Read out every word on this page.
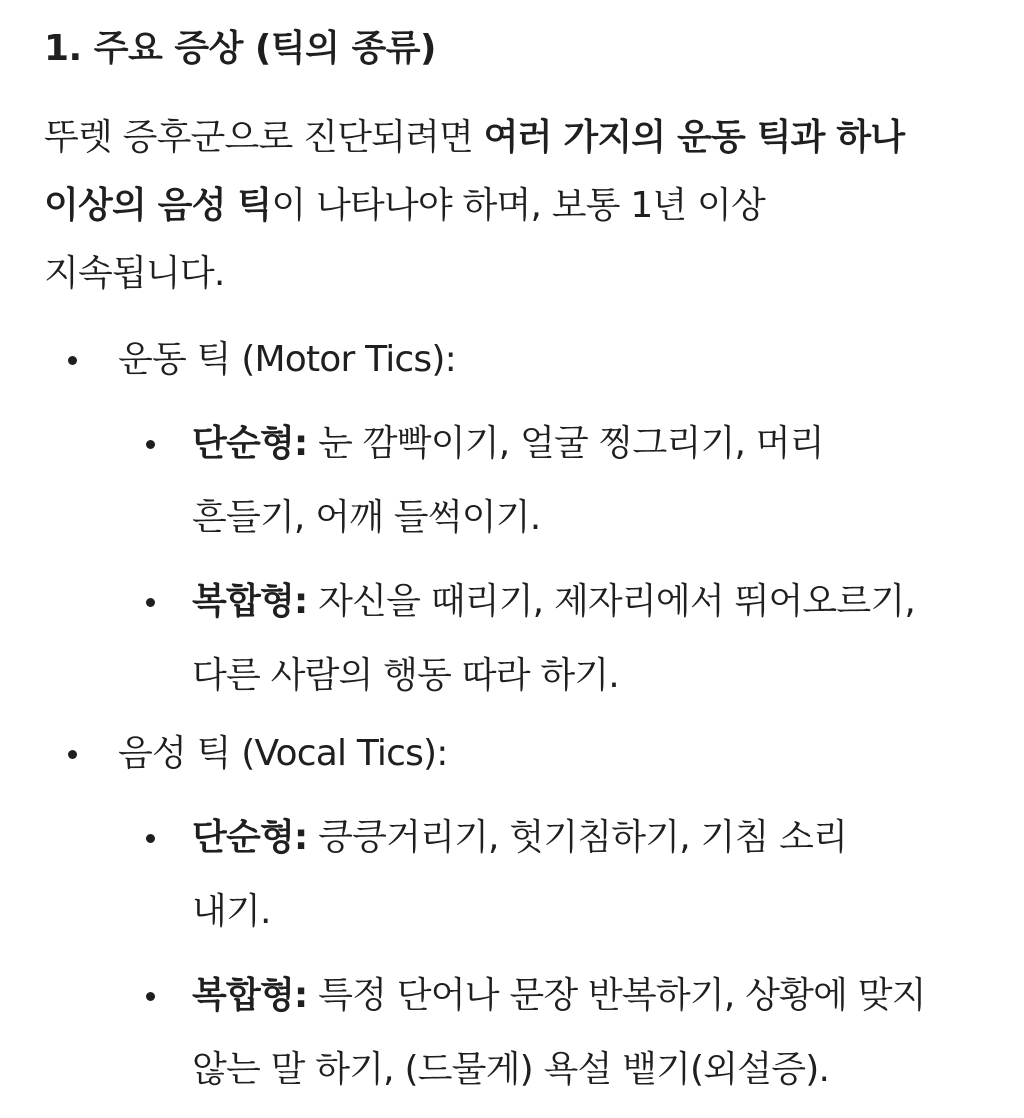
1. 주요 증상 (틱의 종류)

뚜렛 증후군으로 진단되려면 여러 가지의 운동 틱과 하나
이상의 음성 틱이 나타나야 하며, 보통 1년 이상
지속됩니다.

운동 틱 (Motor Tics):
단순형: 눈 깜빡이기, 얼굴 찡그리기, 머리
흔들기, 어깨 들썩이기.
복합형: 자신을 때리기, 제자리에서 뛰어오르기,
다른 사람의 행동 따라 하기.
음성 틱 (Vocal Tics):
단순형: 킁킁거리기, 헛기침하기, 기침 소리
내기.
복합형: 특정 단어나 문장 반복하기, 상황에 맞지
않는 말 하기, (드물게) 욕설 뱉기(외설증).
